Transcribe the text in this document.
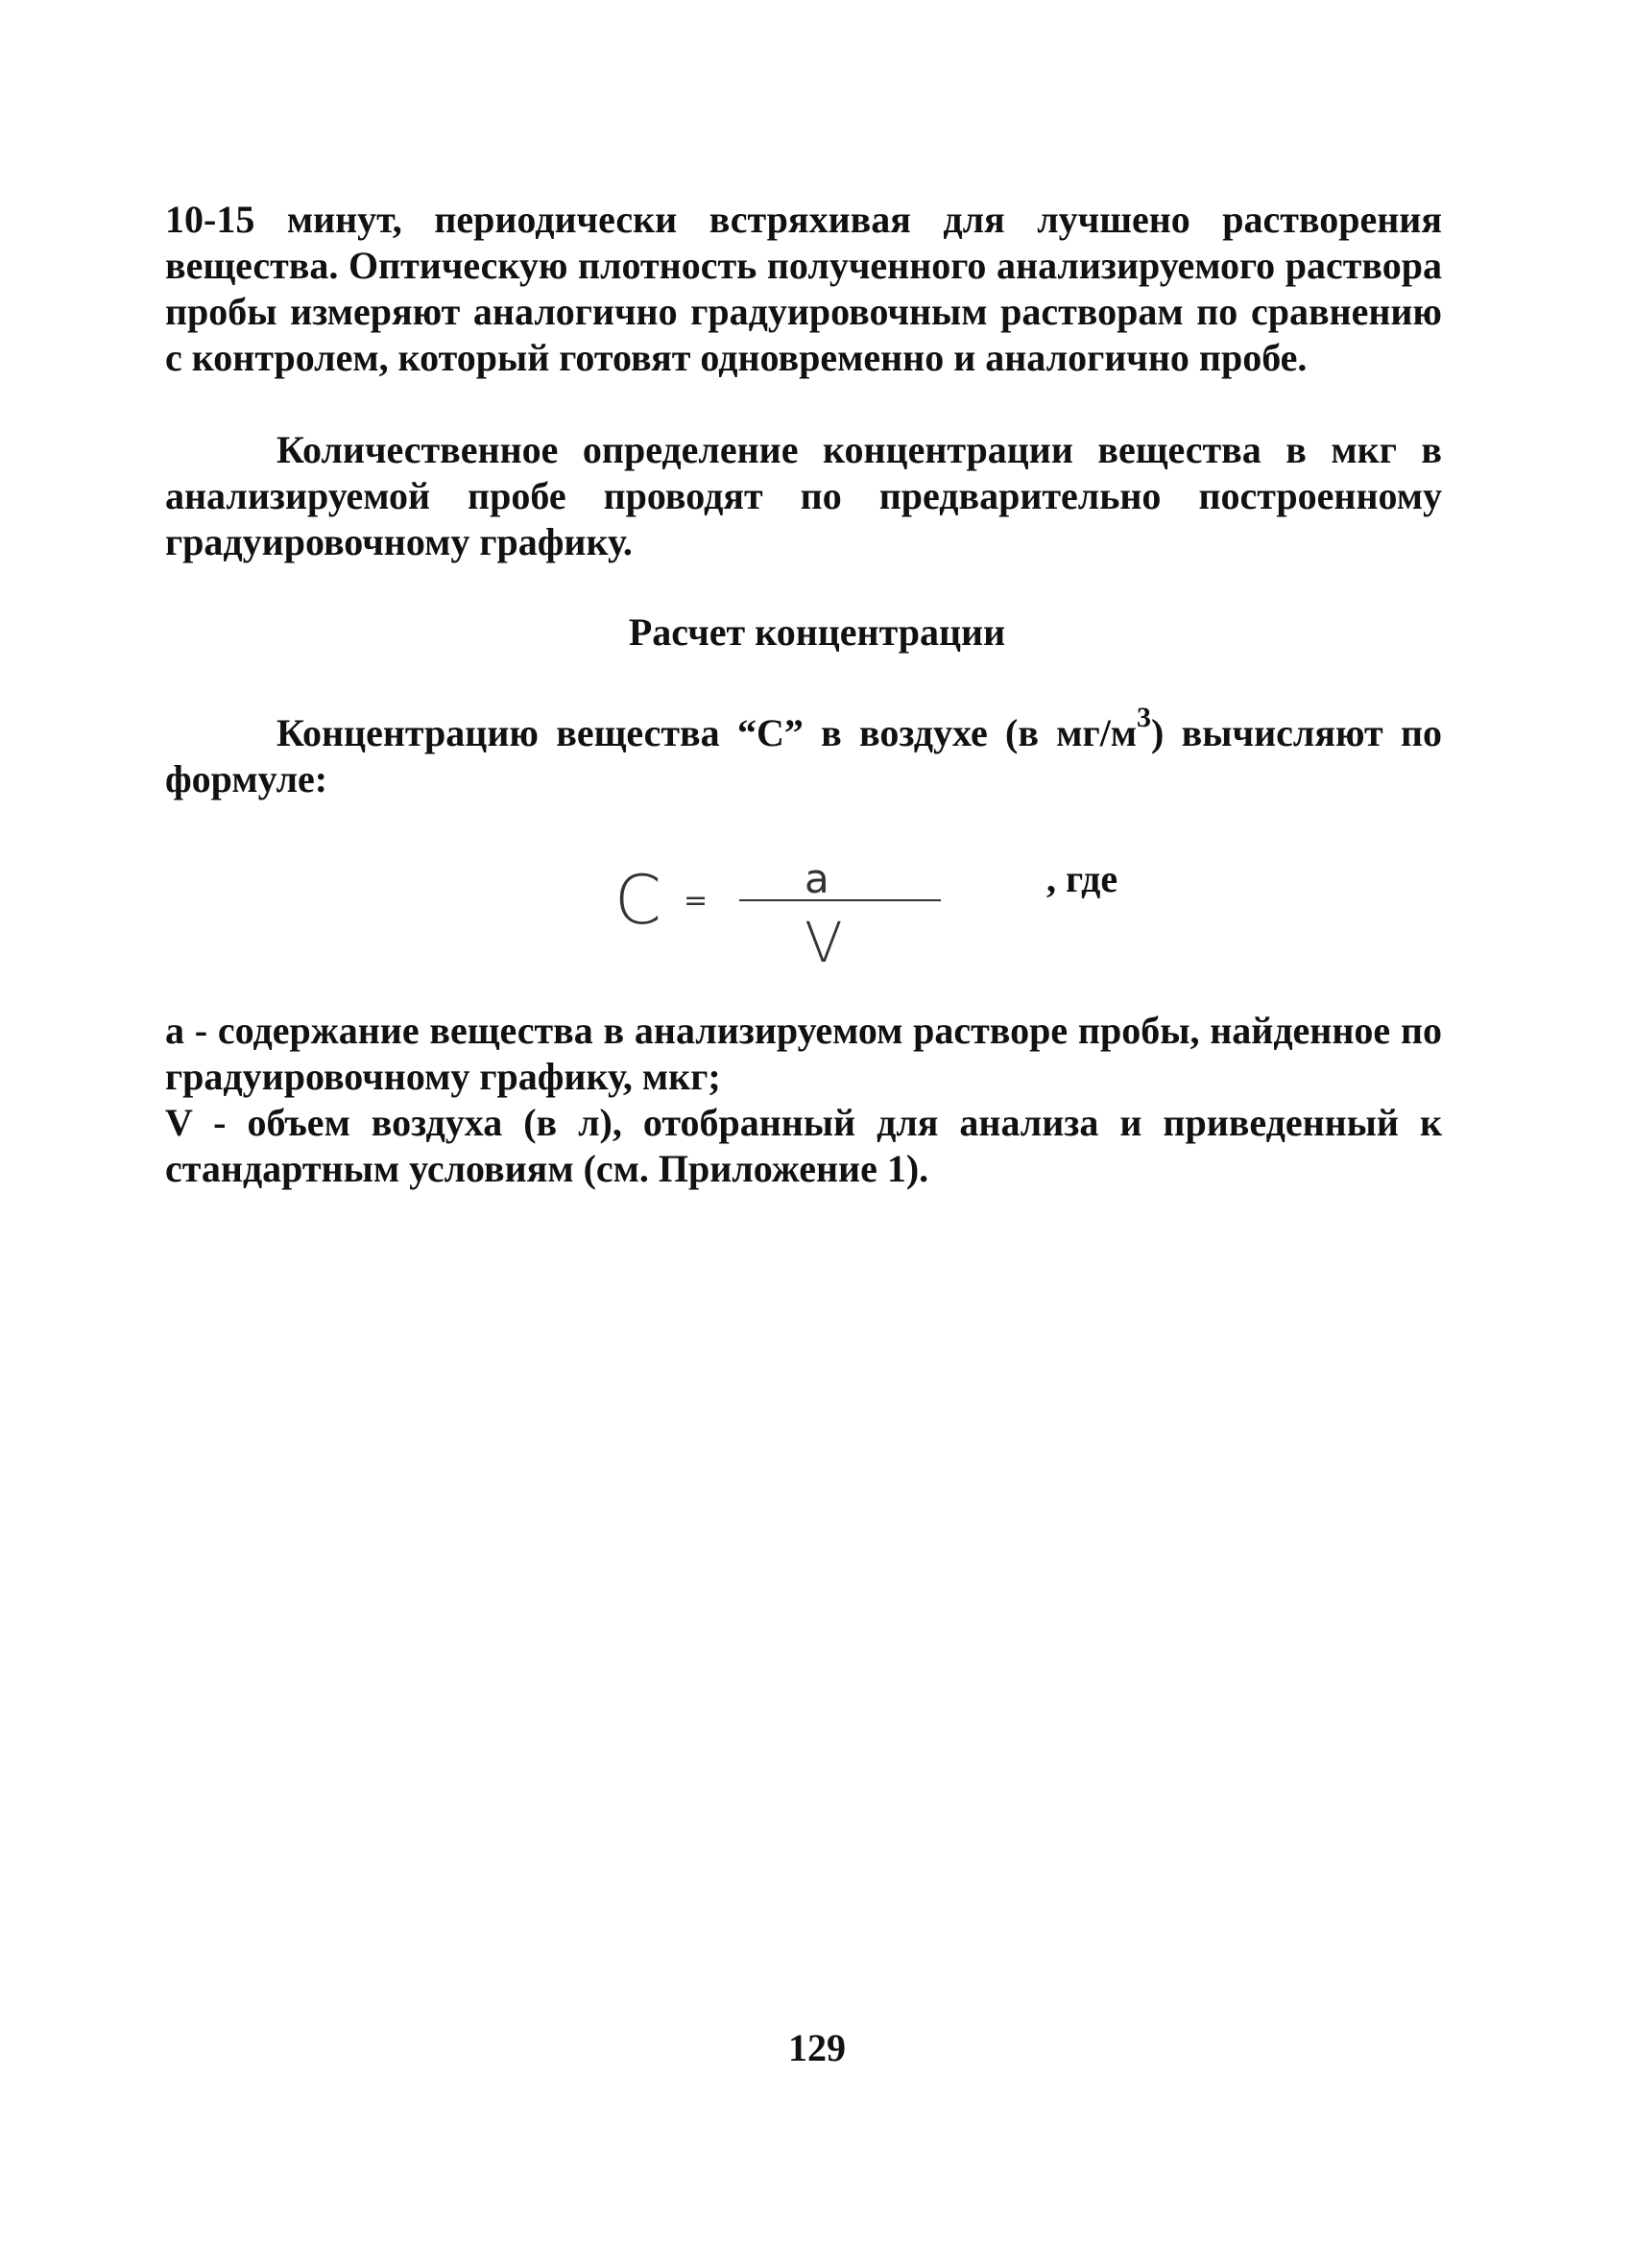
10-15 минут, периодически встряхивая для лучшено растворения вещества. Оптическую плотность полученного анализируемого раствора пробы измеряют аналогично градуировочным растворам по сравнению с контролем, который готовят одновременно и аналогично пробе.

Количественное определение концентрации вещества в мкг в анализируемой пробе проводят по предварительно построенному градуировочному графику.

Расчет концентрации

Концентрацию вещества “С” в воздухе (в $мг/м^3$) вычисляют по формуле:

C = a
V
, где

а - содержание вещества в анализируемом растворе пробы, найденное по градуировочному графику, мкг;
V - объем воздуха (в л), отобранный для анализа и приведенный к стандартным условиям (см. Приложение 1).

129
